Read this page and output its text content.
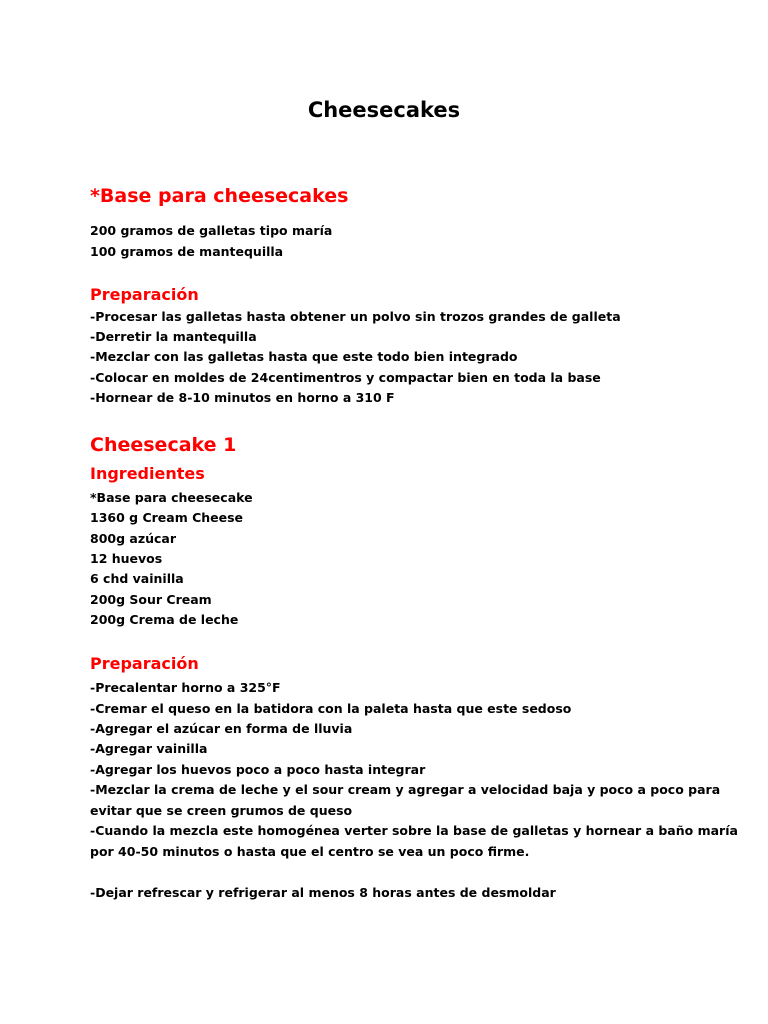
Cheesecakes
*Base para cheesecakes
200 gramos de galletas tipo maría
100 gramos de mantequilla
Preparación
-Procesar las galletas hasta obtener un polvo sin trozos grandes de galleta
-Derretir la mantequilla
-Mezclar con las galletas hasta que este todo bien integrado
-Colocar en moldes de 24centimentros y compactar bien en toda la base
-Hornear de 8-10 minutos en horno a 310 F
Cheesecake 1
Ingredientes
*Base para cheesecake
1360 g Cream Cheese
800g azúcar
12 huevos
6 chd vainilla
200g Sour Cream
200g Crema de leche
Preparación
-Precalentar horno a 325°F
-Cremar el queso en la batidora con la paleta hasta que este sedoso
-Agregar el azúcar en forma de lluvia
-Agregar vainilla
-Agregar los huevos poco a poco hasta integrar
-Mezclar la crema de leche y el sour cream y agregar a velocidad baja y poco a poco para
evitar que se creen grumos de queso
-Cuando la mezcla este homogénea verter sobre la base de galletas y hornear a baño maría
por 40-50 minutos o hasta que el centro se vea un poco firme.
-Dejar refrescar y refrigerar al menos 8 horas antes de desmoldar
